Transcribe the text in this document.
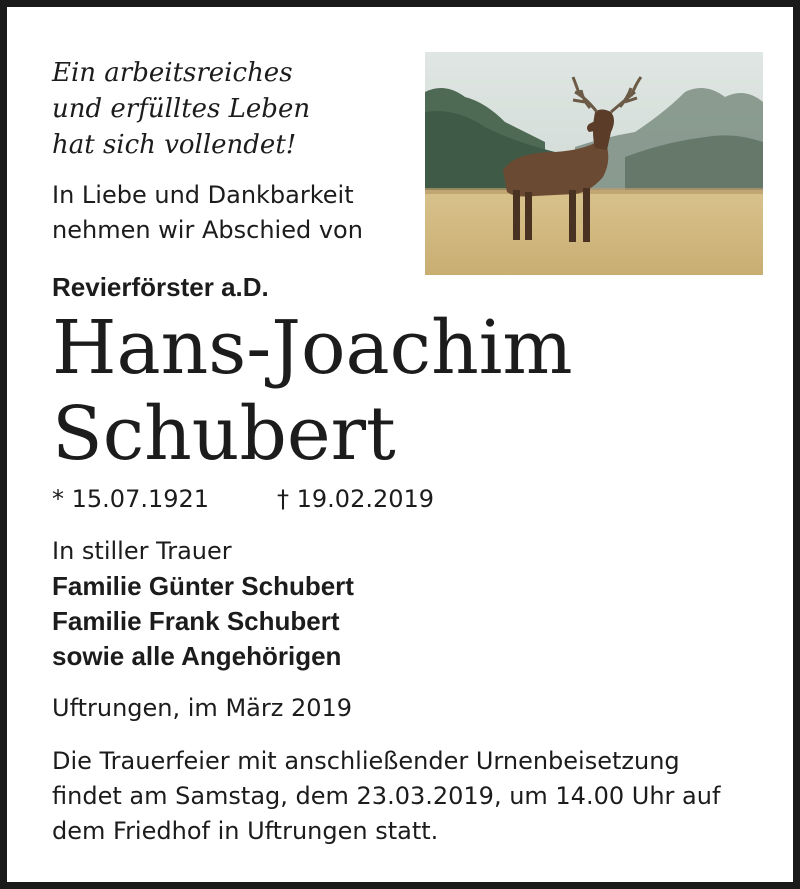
Ein arbeitsreiches
und erfülltes Leben
hat sich vollendet!
In Liebe und Dankbarkeit
nehmen wir Abschied von
Revierförster a.D.
Hans-Joachim
Schubert
* 15.07.1921	† 19.02.2019
In stiller Trauer
Familie Günter Schubert
Familie Frank Schubert
sowie alle Angehörigen
Uftrungen, im März 2019
Die Trauerfeier mit anschließender Urnenbeisetzung
findet am Samstag, dem 23.03.2019, um 14.00 Uhr auf
dem Friedhof in Uftrungen statt.
